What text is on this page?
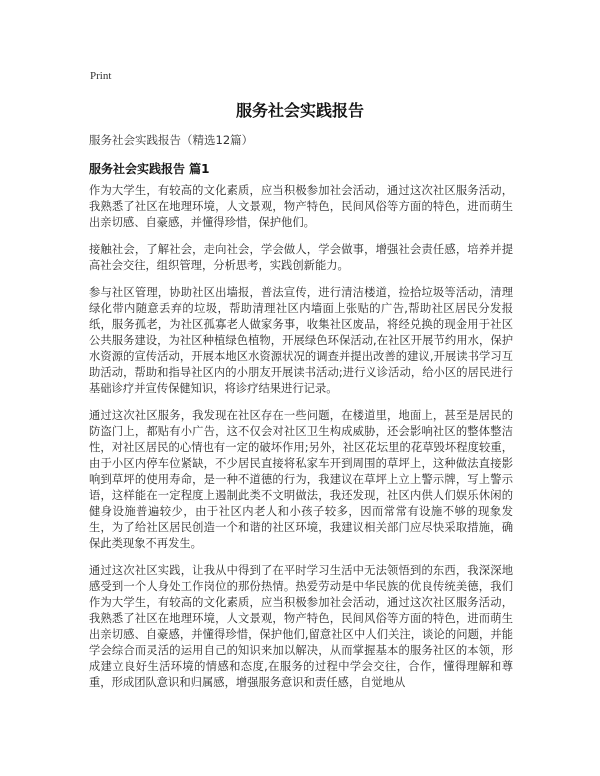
Print
服务社会实践报告
服务社会实践报告（精选12篇）
服务社会实践报告 篇1

作为大学生，有较高的文化素质，应当积极参加社会活动，通过这次社区服务活动，我熟悉了社区在地理环境，人文景观，物产特色，民间风俗等方面的特色，进而萌生出亲切感、自豪感，并懂得珍惜，保护他们。

接触社会，了解社会，走向社会，学会做人，学会做事，增强社会责任感，培养并提高社会交往，组织管理，分析思考，实践创新能力。

参与社区管理，协助社区出墙报，普法宣传，进行清洁楼道，捡拾垃圾等活动，清理绿化带内随意丢弃的垃圾，帮助清理社区内墙面上张贴的广告,帮助社区居民分发报纸，服务孤老，为社区孤寡老人做家务事，收集社区废品，将经兑换的现金用于社区公共服务建设，为社区种植绿色植物，开展绿色环保活动,在社区开展节约用水，保护水资源的宣传活动，开展本地区水资源状况的调查并提出改善的建议,开展读书学习互助活动，帮助和指导社区内的小朋友开展读书活动;进行义诊活动，给小区的居民进行基础诊疗并宣传保健知识，将诊疗结果进行记录。

通过这次社区服务，我发现在社区存在一些问题，在楼道里，地面上，甚至是居民的防盗门上，都贴有小广告，这不仅会对社区卫生构成威胁，还会影响社区的整体整洁性，对社区居民的心情也有一定的破坏作用;另外，社区花坛里的花草毁坏程度较重，由于小区内停车位紧缺，不少居民直接将私家车开到周围的草坪上，这种做法直接影响到草坪的使用寿命，是一种不道德的行为，我建议在草坪上立上警示牌，写上警示语，这样能在一定程度上遏制此类不文明做法，我还发现，社区内供人们娱乐休闲的健身设施普遍较少，由于社区内老人和小孩子较多，因而常常有设施不够的现象发生，为了给社区居民创造一个和谐的社区环境，我建议相关部门应尽快采取措施，确保此类现象不再发生。

通过这次社区实践，让我从中得到了在平时学习生活中无法领悟到的东西，我深深地感受到一个人身处工作岗位的那份热情。热爱劳动是中华民族的优良传统美德，我们作为大学生，有较高的文化素质，应当积极参加社会活动，通过这次社区服务活动，我熟悉了社区在地理环境，人文景观，物产特色，民间风俗等方面的特色，进而萌生出亲切感、自豪感，并懂得珍惜，保护他们,留意社区中人们关注，谈论的问题，并能学会综合而灵活的运用自己的知识来加以解决，从而掌握基本的服务社区的本领，形成建立良好生活环境的情感和态度,在服务的过程中学会交往，合作，懂得理解和尊重，形成团队意识和归属感，增强服务意识和责任感，自觉地从
